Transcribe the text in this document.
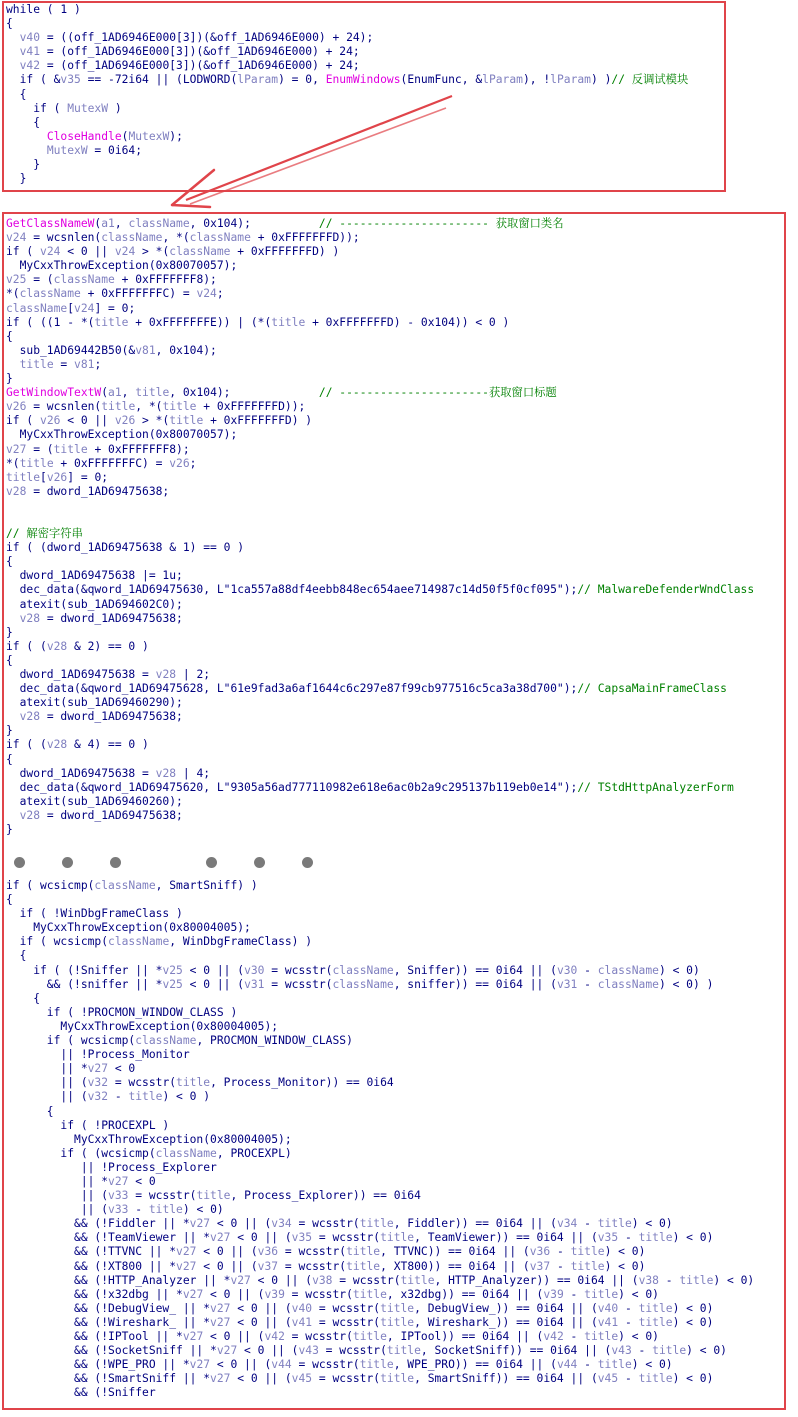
while ( 1 )
{
v40 = ((off_1AD6946E000[3])(&off_1AD6946E000) + 24);
v41 = (off_1AD6946E000[3])(&off_1AD6946E000) + 24;
v42 = (off_1AD6946E000[3])(&off_1AD6946E000) + 24;
if ( &v35 == -72i64 || (LODWORD(lParam) = 0, EnumWindows(EnumFunc, &lParam), !lParam) )// 反调试模块
{
if ( MutexW )
{
CloseHandle(MutexW);
MutexW = 0i64;
}
}
GetClassNameW(a1, className, 0x104);          // ---------------------- 获取窗口类名
v24 = wcsnlen(className, *(className + 0xFFFFFFFD));
if ( v24 < 0 || v24 > *(className + 0xFFFFFFFD) )
MyCxxThrowException(0x80070057);
v25 = (className + 0xFFFFFFF8);
*(className + 0xFFFFFFFC) = v24;
className[v24] = 0;
if ( ((1 - *(title + 0xFFFFFFFE)) | (*(title + 0xFFFFFFFD) - 0x104)) < 0 )
{
sub_1AD69442B50(&v81, 0x104);
title = v81;
}
GetWindowTextW(a1, title, 0x104);             // ----------------------获取窗口标题
v26 = wcsnlen(title, *(title + 0xFFFFFFFD));
if ( v26 < 0 || v26 > *(title + 0xFFFFFFFD) )
MyCxxThrowException(0x80070057);
v27 = (title + 0xFFFFFFF8);
*(title + 0xFFFFFFFC) = v26;
title[v26] = 0;
v28 = dword_1AD69475638;

// 解密字符串
if ( (dword_1AD69475638 & 1) == 0 )
{
dword_1AD69475638 |= 1u;
dec_data(&qword_1AD69475630, L"1ca557a88df4eebb848ec654aee714987c14d50f5f0cf095");// MalwareDefenderWndClass
atexit(sub_1AD694602C0);
v28 = dword_1AD69475638;
}
if ( (v28 & 2) == 0 )
{
dword_1AD69475638 = v28 | 2;
dec_data(&qword_1AD69475628, L"61e9fad3a6af1644c6c297e87f99cb977516c5ca3a38d700");// CapsaMainFrameClass
atexit(sub_1AD69460290);
v28 = dword_1AD69475638;
}
if ( (v28 & 4) == 0 )
{
dword_1AD69475638 = v28 | 4;
dec_data(&qword_1AD69475620, L"9305a56ad777110982e618e6ac0b2a9c295137b119eb0e14");// TStdHttpAnalyzerForm
atexit(sub_1AD69460260);
v28 = dword_1AD69475638;
}
if ( wcsicmp(className, SmartSniff) )
{
if ( !WinDbgFrameClass )
MyCxxThrowException(0x80004005);
if ( wcsicmp(className, WinDbgFrameClass) )
{
if ( (!Sniffer || *v25 < 0 || (v30 = wcsstr(className, Sniffer)) == 0i64 || (v30 - className) < 0)
&& (!sniffer || *v25 < 0 || (v31 = wcsstr(className, sniffer)) == 0i64 || (v31 - className) < 0) )
{
if ( !PROCMON_WINDOW_CLASS )
MyCxxThrowException(0x80004005);
if ( wcsicmp(className, PROCMON_WINDOW_CLASS)
|| !Process_Monitor
|| *v27 < 0
|| (v32 = wcsstr(title, Process_Monitor)) == 0i64
|| (v32 - title) < 0 )
{
if ( !PROCEXPL )
MyCxxThrowException(0x80004005);
if ( (wcsicmp(className, PROCEXPL)
|| !Process_Explorer
|| *v27 < 0
|| (v33 = wcsstr(title, Process_Explorer)) == 0i64
|| (v33 - title) < 0)
&& (!Fiddler || *v27 < 0 || (v34 = wcsstr(title, Fiddler)) == 0i64 || (v34 - title) < 0)
&& (!TeamViewer || *v27 < 0 || (v35 = wcsstr(title, TeamViewer)) == 0i64 || (v35 - title) < 0)
&& (!TTVNC || *v27 < 0 || (v36 = wcsstr(title, TTVNC)) == 0i64 || (v36 - title) < 0)
&& (!XT800 || *v27 < 0 || (v37 = wcsstr(title, XT800)) == 0i64 || (v37 - title) < 0)
&& (!HTTP_Analyzer || *v27 < 0 || (v38 = wcsstr(title, HTTP_Analyzer)) == 0i64 || (v38 - title) < 0)
&& (!x32dbg || *v27 < 0 || (v39 = wcsstr(title, x32dbg)) == 0i64 || (v39 - title) < 0)
&& (!DebugView_ || *v27 < 0 || (v40 = wcsstr(title, DebugView_)) == 0i64 || (v40 - title) < 0)
&& (!Wireshark_ || *v27 < 0 || (v41 = wcsstr(title, Wireshark_)) == 0i64 || (v41 - title) < 0)
&& (!IPTool || *v27 < 0 || (v42 = wcsstr(title, IPTool)) == 0i64 || (v42 - title) < 0)
&& (!SocketSniff || *v27 < 0 || (v43 = wcsstr(title, SocketSniff)) == 0i64 || (v43 - title) < 0)
&& (!WPE_PRO || *v27 < 0 || (v44 = wcsstr(title, WPE_PRO)) == 0i64 || (v44 - title) < 0)
&& (!SmartSniff || *v27 < 0 || (v45 = wcsstr(title, SmartSniff)) == 0i64 || (v45 - title) < 0)
&& (!Sniffer
